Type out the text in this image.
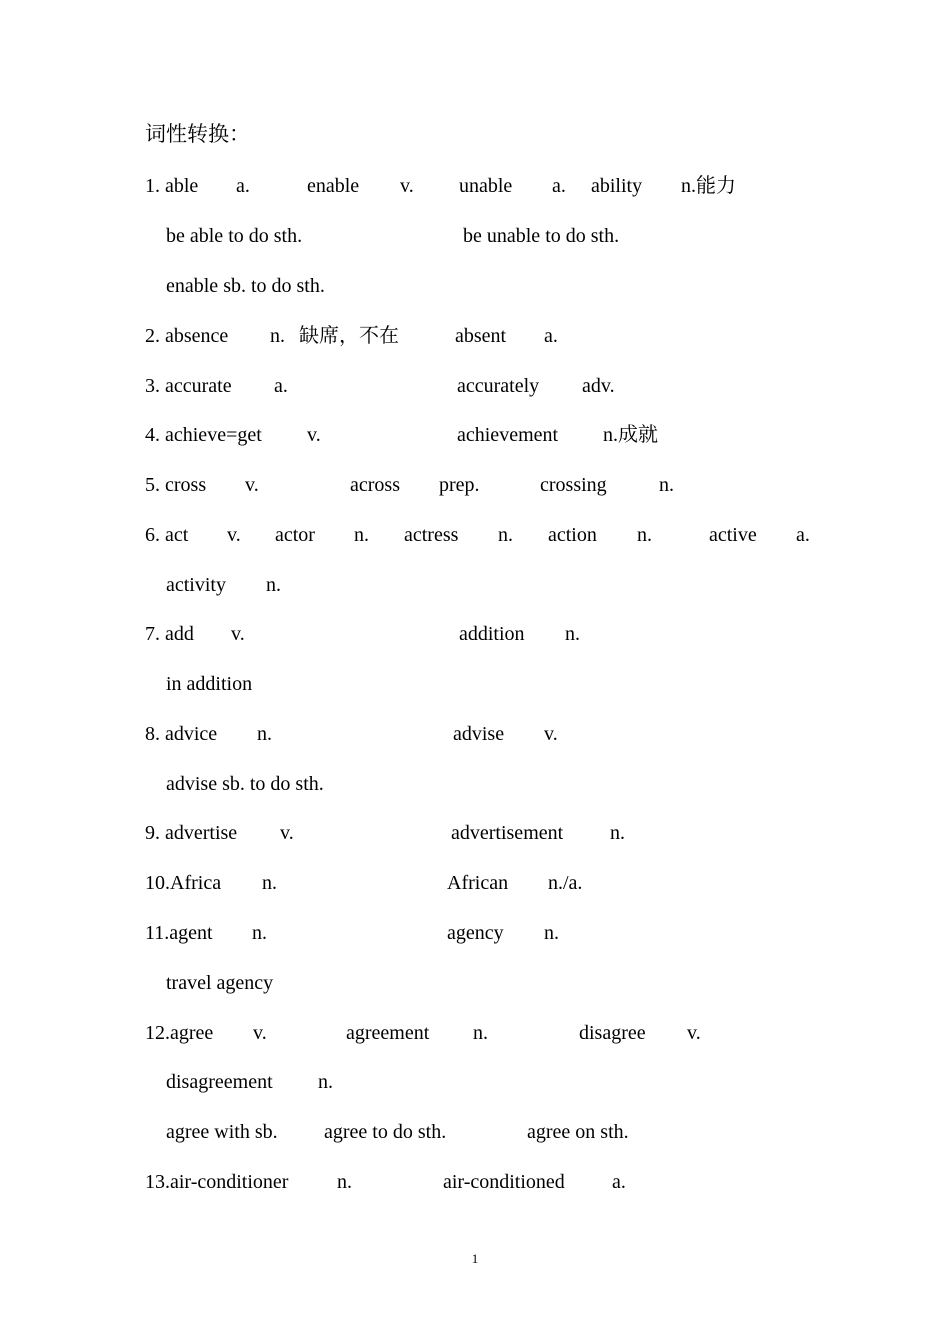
词性转换：
1. able a.	enable v. unable a. ability n.能力
be able to do sth.	be unable to do sth.
enable sb. to do sth.
2. absence n. 缺席，不在	absent a.
3. accurate a.	accurately adv.
4. achieve=get v.	achievement n.成就
5. cross v.	across prep.	crossing	n.
6. act v. actor n. actress n. action n.	active a.
activity n.
7. add v.	addition n.
in addition
8. advice n.	advise v.
advise sb. to do sth.
9. advertise v.	advertisement n.
10.Africa n.	African n./a.
11.agent n.	agency n.
travel agency
12.agree v.	agreement n.	disagree v.
disagreement n.
agree with sb. agree to do sth.	agree on sth.
13.air-conditioner n.	air-conditioned a.
1
